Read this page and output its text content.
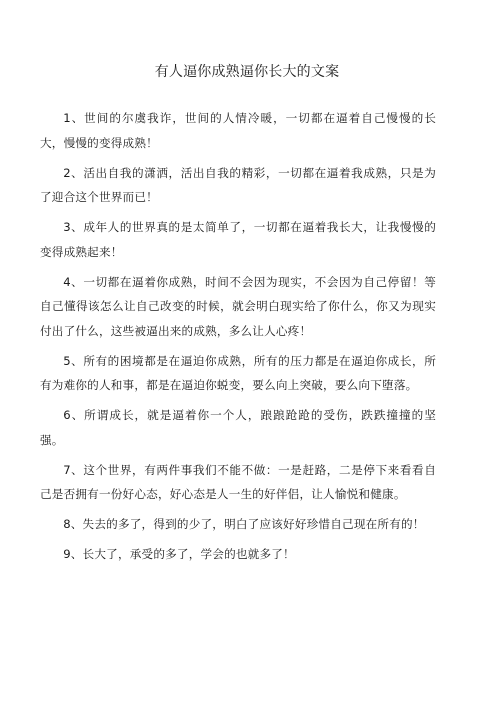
有人逼你成熟逼你长大的文案

1、世间的尔虞我诈，世间的人情冷暖，一切都在逼着自己慢慢的长大，慢慢的变得成熟！

2、活出自我的潇洒，活出自我的精彩，一切都在逼着我成熟，只是为了迎合这个世界而已！

3、成年人的世界真的是太简单了，一切都在逼着我长大，让我慢慢的变得成熟起来！

4、一切都在逼着你成熟，时间不会因为现实，不会因为自己停留！等自己懂得该怎么让自己改变的时候，就会明白现实给了你什么，你又为现实付出了什么，这些被逼出来的成熟，多么让人心疼！

5、所有的困境都是在逼迫你成熟，所有的压力都是在逼迫你成长，所有为难你的人和事，都是在逼迫你蜕变，要么向上突破，要么向下堕落。

6、所谓成长，就是逼着你一个人，踉踉跄跄的受伤，跌跌撞撞的坚强。

7、这个世界，有两件事我们不能不做：一是赶路，二是停下来看看自己是否拥有一份好心态，好心态是人一生的好伴侣，让人愉悦和健康。

8、失去的多了，得到的少了，明白了应该好好珍惜自己现在所有的！

9、长大了，承受的多了，学会的也就多了！
